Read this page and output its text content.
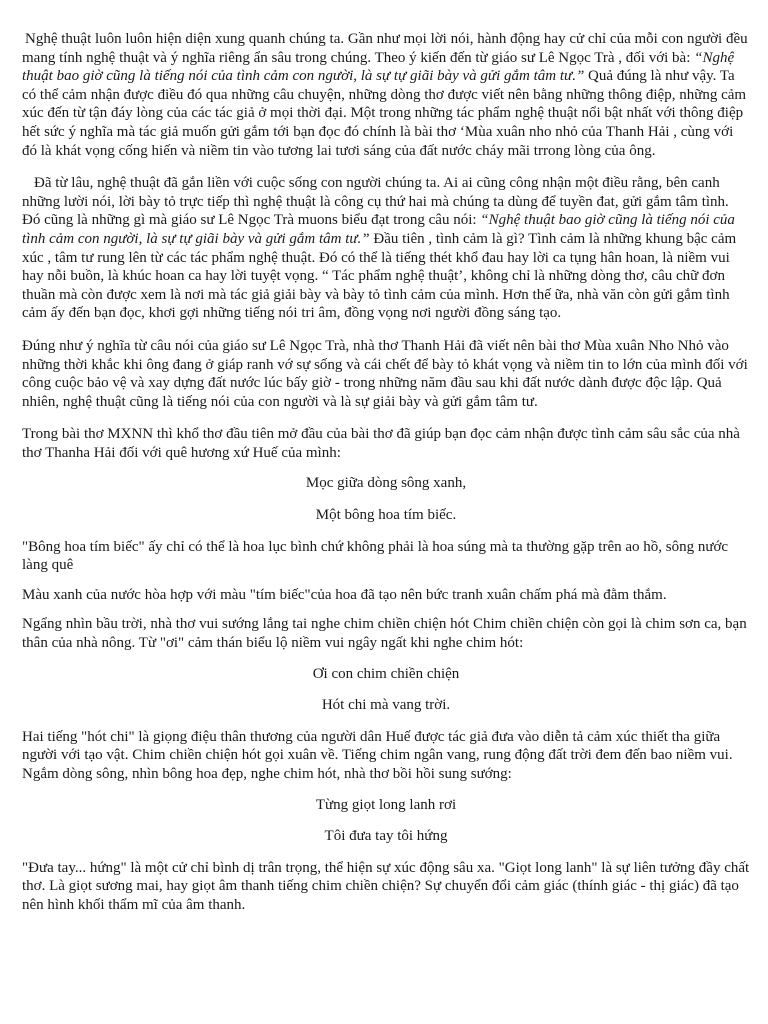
Nghệ thuật luôn luôn hiện diện xung quanh chúng ta. Gần như mọi lời nói, hành động hay cử chỉ của mỗi con người đều mang tính nghệ thuật và ý nghĩa riêng ẩn sâu trong chúng. Theo ý kiến đến từ giáo sư Lê Ngọc Trà , đối với bà: “Nghệ thuật bao giờ cũng là tiếng nói của tình cảm con người, là sự tự giãi bày và gửi gắm tâm tư.” Quả đúng là như vậy. Ta có thể cảm nhận được điều đó qua những câu chuyện, những dòng thơ được viết nên bằng những thông điệp, những cảm xúc đến từ tận đáy lòng của các tác giả ở mọi thời đại. Một trong những tác phẩm nghệ thuật nổi bật nhất với thông điệp hết sức ý nghĩa mà tác giả muốn gửi gắm tới bạn đọc đó chính là bài thơ ‘Mùa xuân nho nhỏ của Thanh Hải , cùng với đó là khát vọng cống hiến và niềm tin vào tương lai tươi sáng của đất nước cháy mãi trrong lòng của ông.

Đã từ lâu, nghệ thuật đã gắn liền với cuộc sống con người chúng ta. Ai ai cũng công nhận một điều rằng, bên canh những lười nói, lời bày tỏ trực tiếp thì nghệ thuật là công cụ thứ hai mà chúng ta dùng để tuyền đat, gửi gắm tâm tình. Đó cũng là những gì mà giáo sư Lê Ngọc Trà muons biểu đạt trong câu nói: “Nghệ thuật bao giờ cũng là tiếng nói của tình cảm con người, là sự tự giãi bày và gửi gắm tâm tư.” Đầu tiên , tình cảm là gì? Tình cảm là những khung bậc cảm xúc , tâm tư rung lên từ các tác phẩm nghệ thuật. Đó có thể là tiếng thét khổ đau hay lời ca tụng hân hoan, là niềm vui hay nỗi buồn, là khúc hoan ca hay lời tuyệt vọng. “ Tác phẩm nghệ thuật’, không chỉ là những dòng thơ, câu chữ đơn thuần mà còn được xem là nơi mà tác giả giải bày và bày tỏ tình cảm của mình. Hơn thế ữa, nhà văn còn gửi gắm tình cảm ấy đến bạn đọc, khơi gợi những tiếng nói tri âm, đồng vọng nơi người đồng sáng tạo.

Đúng như ý nghĩa từ câu nói của giáo sư Lê Ngọc Trà, nhà thơ Thanh Hải đã viết nên bài thơ Mùa xuân Nho Nhỏ vào những thời khắc khi ông đang ở giáp ranh vớ sự sống và cái chết để bày tỏ khát vọng và niềm tin to lớn của mình đối với công cuộc bảo vệ và xay dựng đất nước lúc bấy giờ - trong những năm đầu sau khi đất nước dành được độc lập. Quả nhiên, nghệ thuật cũng là tiếng nói của con người và là sự giải bày và gửi gắm tâm tư.

Trong bài thơ MXNN thì khổ thơ đầu tiên mở đầu của bài thơ đã giúp bạn đọc cảm nhận được tình cảm sâu sắc của nhà thơ Thanha Hải đối với quê hương xứ Huế của mình:

Mọc giữa dòng sông xanh,

Một bông hoa tím biếc.

"Bông hoa tím biếc" ấy chỉ có thể là hoa lục bình chứ không phải là hoa súng mà ta thường gặp trên ao hồ, sông nước làng quê

Màu xanh của nước hòa hợp với màu "tím biếc"của hoa đã tạo nên bức tranh xuân chấm phá mà đằm thắm.

Ngẩng nhìn bầu trời, nhà thơ vui sướng lắng tai nghe chim chiền chiện hót Chim chiền chiện còn gọi là chim sơn ca, bạn thân của nhà nông. Từ "ơi" cảm thán biểu lộ niềm vui ngây ngất khi nghe chim hót:

Ơi con chim chiền chiện

Hót chi mà vang trời.

Hai tiếng "hót chi" là giọng điệu thân thương của người dân Huế được tác giả đưa vào diễn tả cảm xúc thiết tha giữa người với tạo vật. Chim chiền chiện hót gọi xuân về. Tiếng chim ngân vang, rung động đất trời đem đến bao niềm vui. Ngắm dòng sông, nhìn bông hoa đẹp, nghe chim hót, nhà thơ bồi hồi sung sướng:

Từng giọt long lanh rơi

Tôi đưa tay tôi hứng

"Đưa tay... hứng" là một cử chỉ bình dị trân trọng, thể hiện sự xúc động sâu xa. "Giọt long lanh" là sự liên tưởng đầy chất thơ. Là giọt sương mai, hay giọt âm thanh tiếng chim chiền chiện? Sự chuyển đổi cảm giác (thính giác - thị giác) đã tạo nên hình khối thẩm mĩ của âm thanh.
